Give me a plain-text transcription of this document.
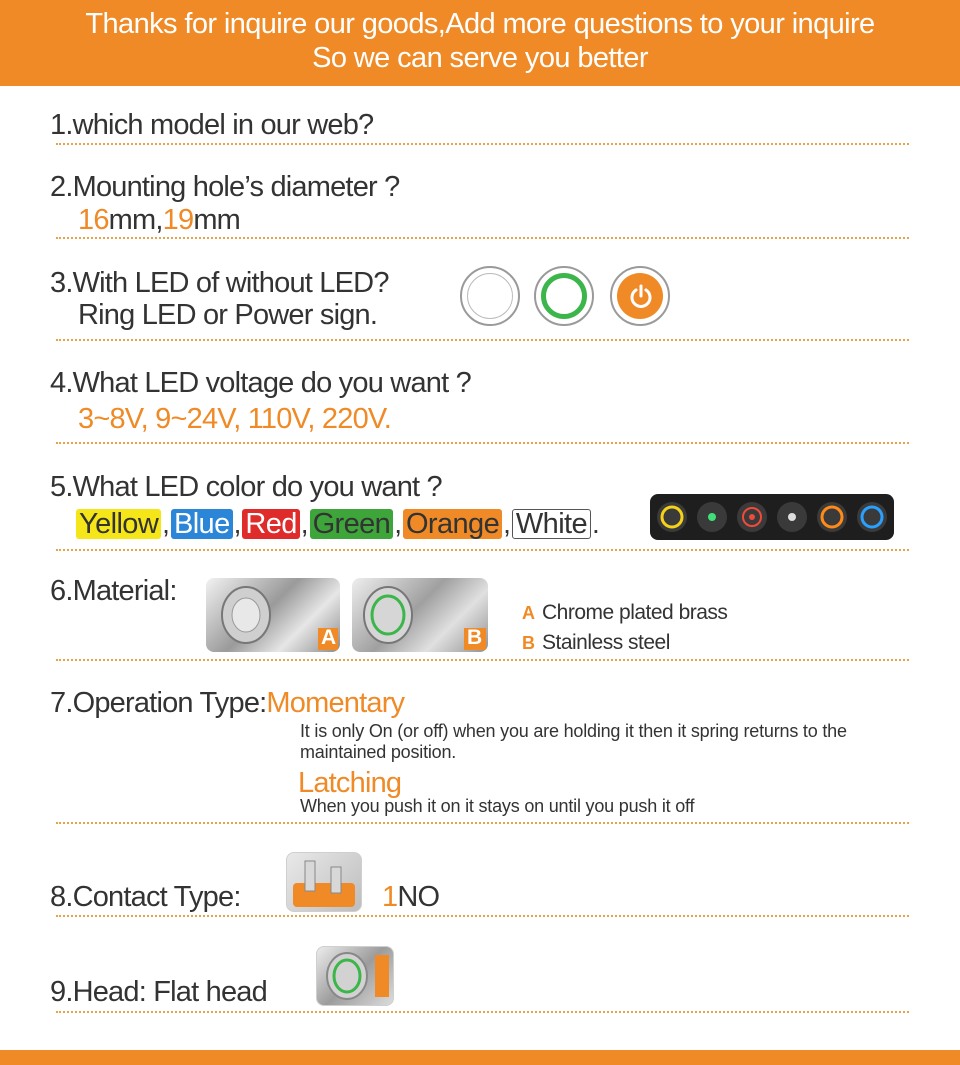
Thanks for inquire our goods,Add more questions to your inquire
So we can serve you better
1.which model in our web?
2.Mounting hole’s diameter ?
16mm,19mm
3.With LED of without LED?
Ring LED or Power sign.
4.What LED voltage do you want ?
3~8V, 9~24V, 110V, 220V.
5.What LED color do you want ?
Yellow , Blue , Red , Green , Orange , White .
6.Material:
A	B
A Chrome plated brass
B Stainless steel
7.Operation Type:Momentary
It is only On (or off) when you are holding it then it spring returns to the maintained position.
Latching
When you push it on it stays on until you push it off
8.Contact Type:	1NO
9.Head: Flat head
